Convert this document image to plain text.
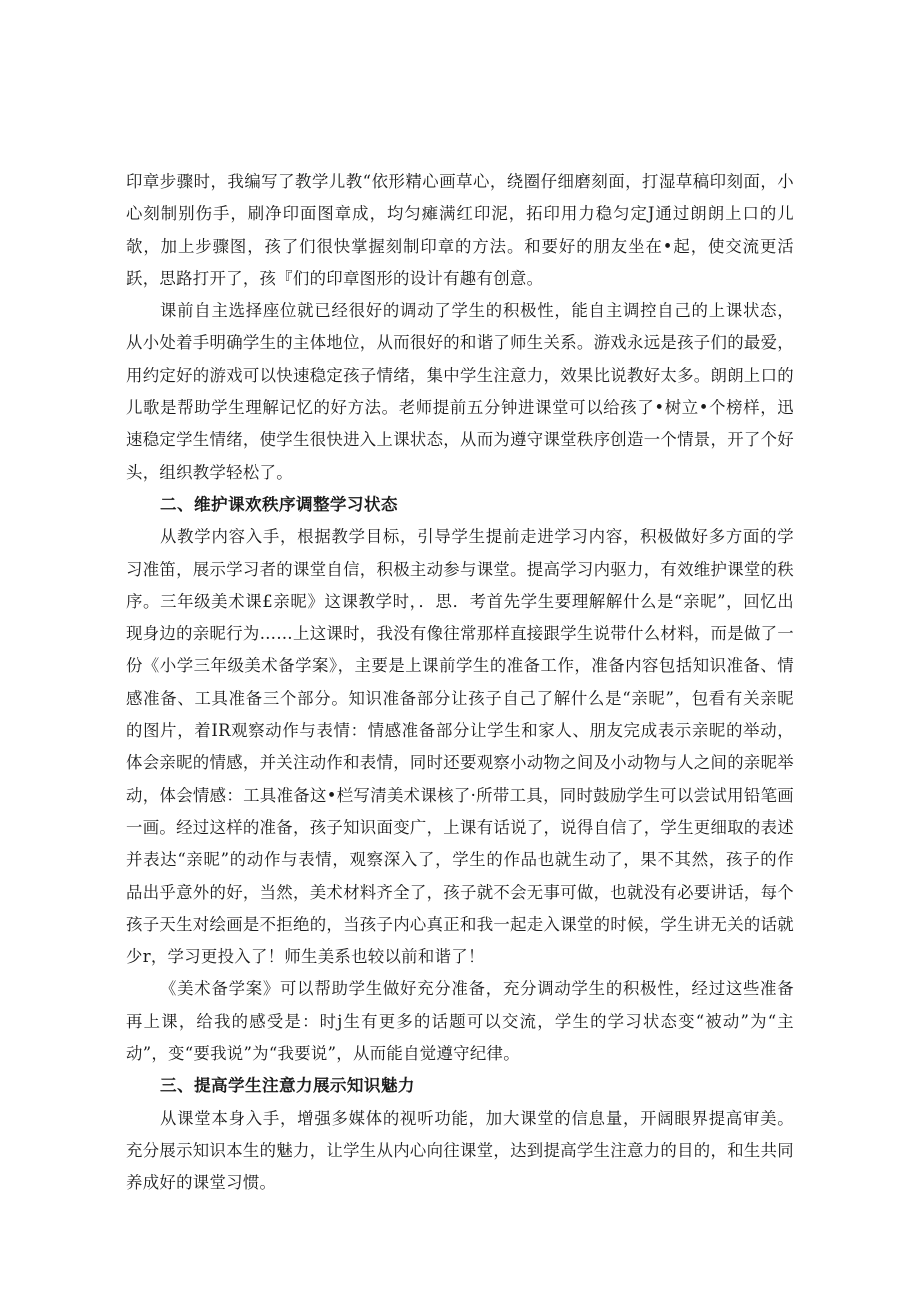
印章步骤时，我编写了教学儿教“依形精心画草心，绕圈仔细磨刻面，打湿草稿印刻面，小心刻制别伤手，刷净印面图章成，均匀瘫满红印泥，拓印用力稳匀定J通过朗朗上口的儿欹，加上步骤图，孩了们很快掌握刻制印章的方法。和要好的朋友坐在•起，使交流更活跃，思路打开了，孩『们的印章图形的设计有趣有创意。

课前自主选择座位就已经很好的调动了学生的积极性，能自主调控自己的上课状态，从小处着手明确学生的主体地位，从而很好的和谐了师生关系。游戏永远是孩子们的最爱，用约定好的游戏可以快速稳定孩子情绪，集中学生注意力，效果比说教好太多。朗朗上口的儿歌是帮助学生理解记忆的好方法。老师提前五分钟进课堂可以给孩了•树立•个榜样，迅速稳定学生情绪，使学生很快进入上课状态，从而为遵守课堂秩序创造一个情景，开了个好头，组织教学轻松了。

二、维护课欢秩序调整学习状态

从教学内容入手，根据教学目标，引导学生提前走进学习内容，积极做好多方面的学习准笛，展示学习者的课堂自信，积极主动参与课堂。提高学习内驱力，有效维护课堂的秩序。三年级美术课£亲昵》这课教学时，．思．考首先学生要理解解什么是“亲昵”，回忆出现身边的亲昵行为……上这课时，我没有像往常那样直接跟学生说带什么材料，而是做了一份《小学三年级美术备学案》，主要是上课前学生的准备工作，准备内容包括知识准备、情感准备、工具准备三个部分。知识准备部分让孩子自己了解什么是“亲昵”，包看有关亲昵的图片，着IR观察动作与表情：情感准备部分让学生和家人、朋友完成表示亲昵的举动，体会亲昵的情感，并关注动作和表情，同时还要观察小动物之间及小动物与人之间的亲昵举动，体会情感：工具准备这•栏写清美术课核了·所带工具，同时鼓励学生可以尝试用铅笔画一画。经过这样的准备，孩子知识面变广，上课有话说了，说得自信了，学生更细取的表述并表达“亲昵”的动作与表情，观察深入了，学生的作品也就生动了，果不其然，孩子的作品出乎意外的好，当然，美术材料齐全了，孩子就不会无事可做，也就没有必要讲话，每个孩子天生对绘画是不拒绝的，当孩子内心真正和我一起走入课堂的时候，学生讲无关的话就少r，学习更投入了！师生美系也较以前和谐了！

《美术备学案》可以帮助学生做好充分准备，充分调动学生的积极性，经过这些准备再上课，给我的感受是：时j生有更多的话题可以交流，学生的学习状态变“被动”为“主动”，变“要我说”为“我要说”，从而能自觉遵守纪律。

三、提高学生注意力展示知识魅力

从课堂本身入手，增强多媒体的视听功能，加大课堂的信息量，开阔眼界提高审美。充分展示知识本生的魅力，让学生从内心向往课堂，达到提高学生注意力的目的，和生共同养成好的课堂习惯。
